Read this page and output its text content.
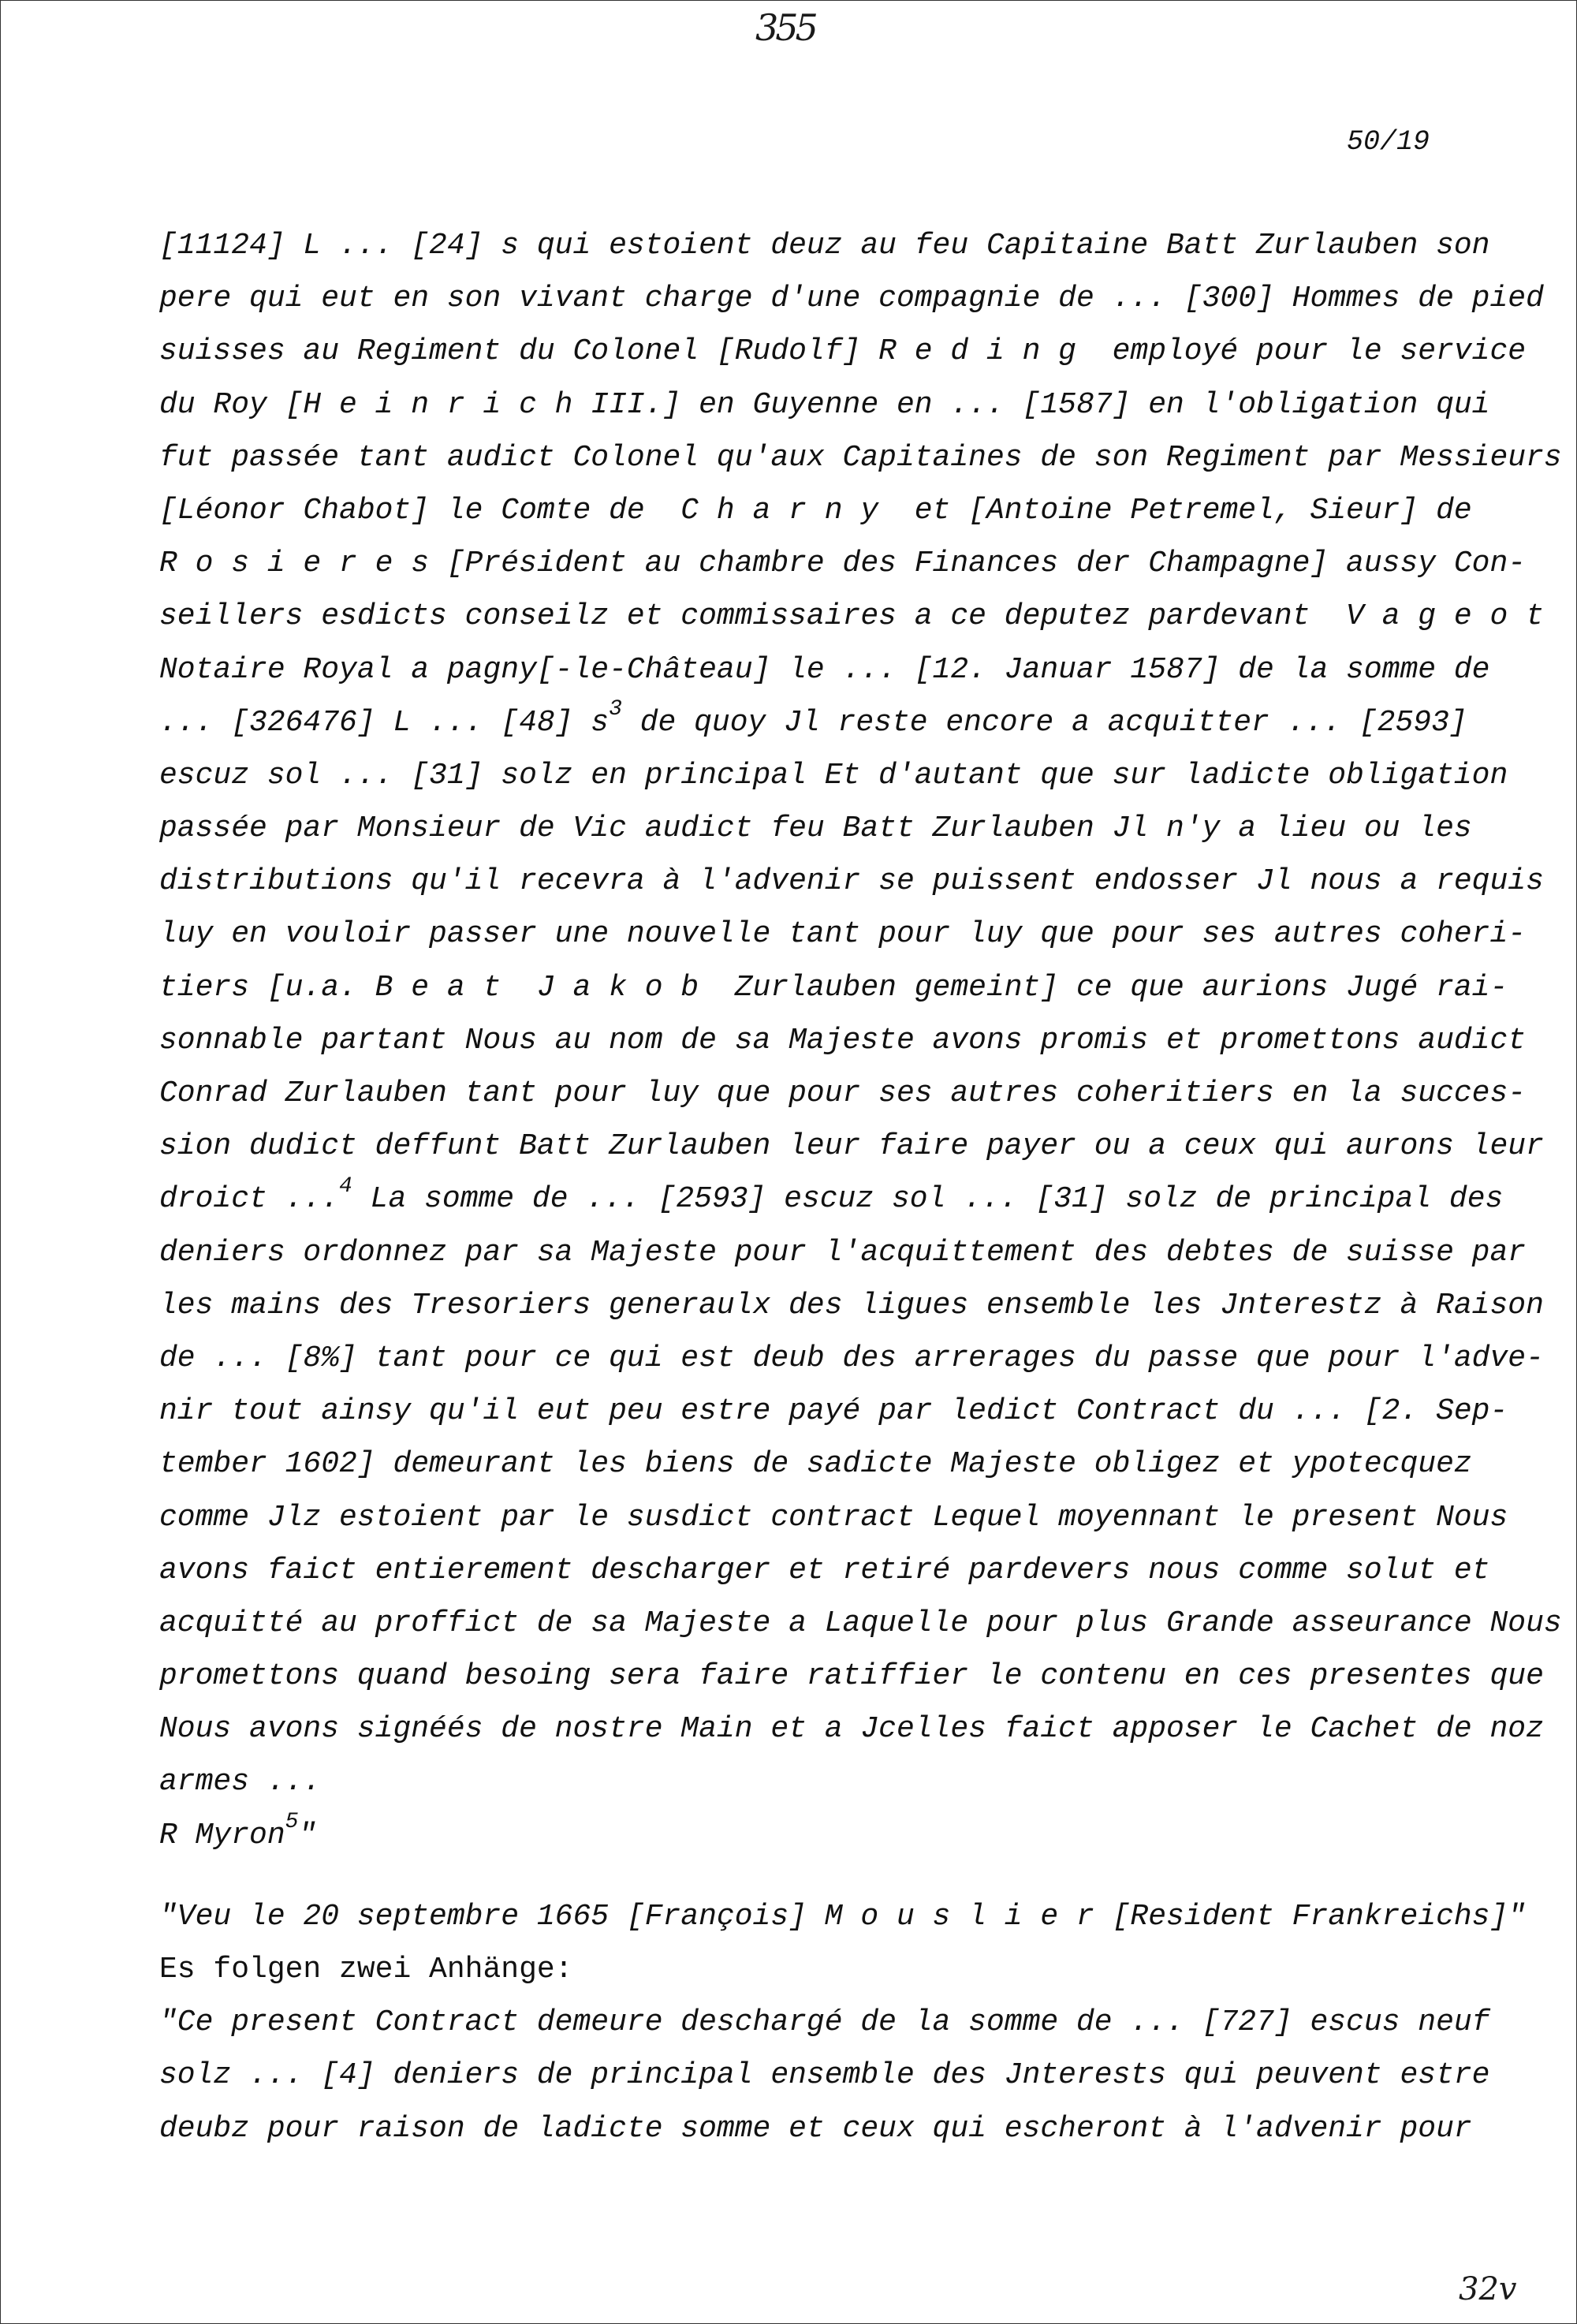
355
50/19

[11124] L ... [24] s qui estoient deuz au feu Capitaine Batt Zurlauben son

pere qui eut en son vivant charge d'une compagnie de ... [300] Hommes de pied

suisses au Regiment du Colonel [Rudolf] R e d i n g  employé pour le service

du Roy [H e i n r i c h III.] en Guyenne en ... [1587] en l'obligation qui

fut passée tant audict Colonel qu'aux Capitaines de son Regiment par Messieurs

[Léonor Chabot] le Comte de  C h a r n y  et [Antoine Petremel, Sieur] de

R o s i e r e s [Président au chambre des Finances der Champagne] aussy Con-

seillers esdicts conseilz et commissaires a ce deputez pardevant  V a g e o t

Notaire Royal a pagny[-le-Château] le ... [12. Januar 1587] de la somme de

... [326476] L ... [48] $s^3$ de quoy Jl reste encore a acquitter ... [2593]

escuz sol ... [31] solz en principal Et d'autant que sur ladicte obligation

passée par Monsieur de Vic audict feu Batt Zurlauben Jl n'y a lieu ou les

distributions qu'il recevra à l'advenir se puissent endosser Jl nous a requis

luy en vouloir passer une nouvelle tant pour luy que pour ses autres coheri-

tiers [u.a. B e a t  J a k o b  Zurlauben gemeint] ce que aurions Jugé rai-

sonnable partant Nous au nom de sa Majeste avons promis et promettons audict

Conrad Zurlauben tant pour luy que pour ses autres coheritiers en la succes-

sion dudict deffunt Batt Zurlauben leur faire payer ou a ceux qui aurons leur

droict ...$^4$ La somme de ... [2593] escuz sol ... [31] solz de principal des

deniers ordonnez par sa Majeste pour l'acquittement des debtes de suisse par

les mains des Tresoriers generaulx des ligues ensemble les Jnterestz à Raison

de ... [8%] tant pour ce qui est deub des arrerages du passe que pour l'adve-

nir tout ainsy qu'il eut peu estre payé par ledict Contract du ... [2. Sep-

tember 1602] demeurant les biens de sadicte Majeste obligez et ypotecquez

comme Jlz estoient par le susdict contract Lequel moyennant le present Nous

avons faict entierement descharger et retiré pardevers nous comme solut et

acquitté au proffict de sa Majeste a Laquelle pour plus Grande asseurance Nous

promettons quand besoing sera faire ratiffier le contenu en ces presentes que

Nous avons signéés de nostre Main et a Jcelles faict apposer le Cachet de noz

armes ...

R Myron$^5$"

"Veu le 20 septembre 1665 [François] M o u s l i e r [Resident Frankreichs]"

Es folgen zwei Anhänge:

"Ce present Contract demeure deschargé de la somme de ... [727] escus neuf

solz ... [4] deniers de principal ensemble des Jnterests qui peuvent estre

deubz pour raison de ladicte somme et ceux qui escheront à l'advenir pour

32v
